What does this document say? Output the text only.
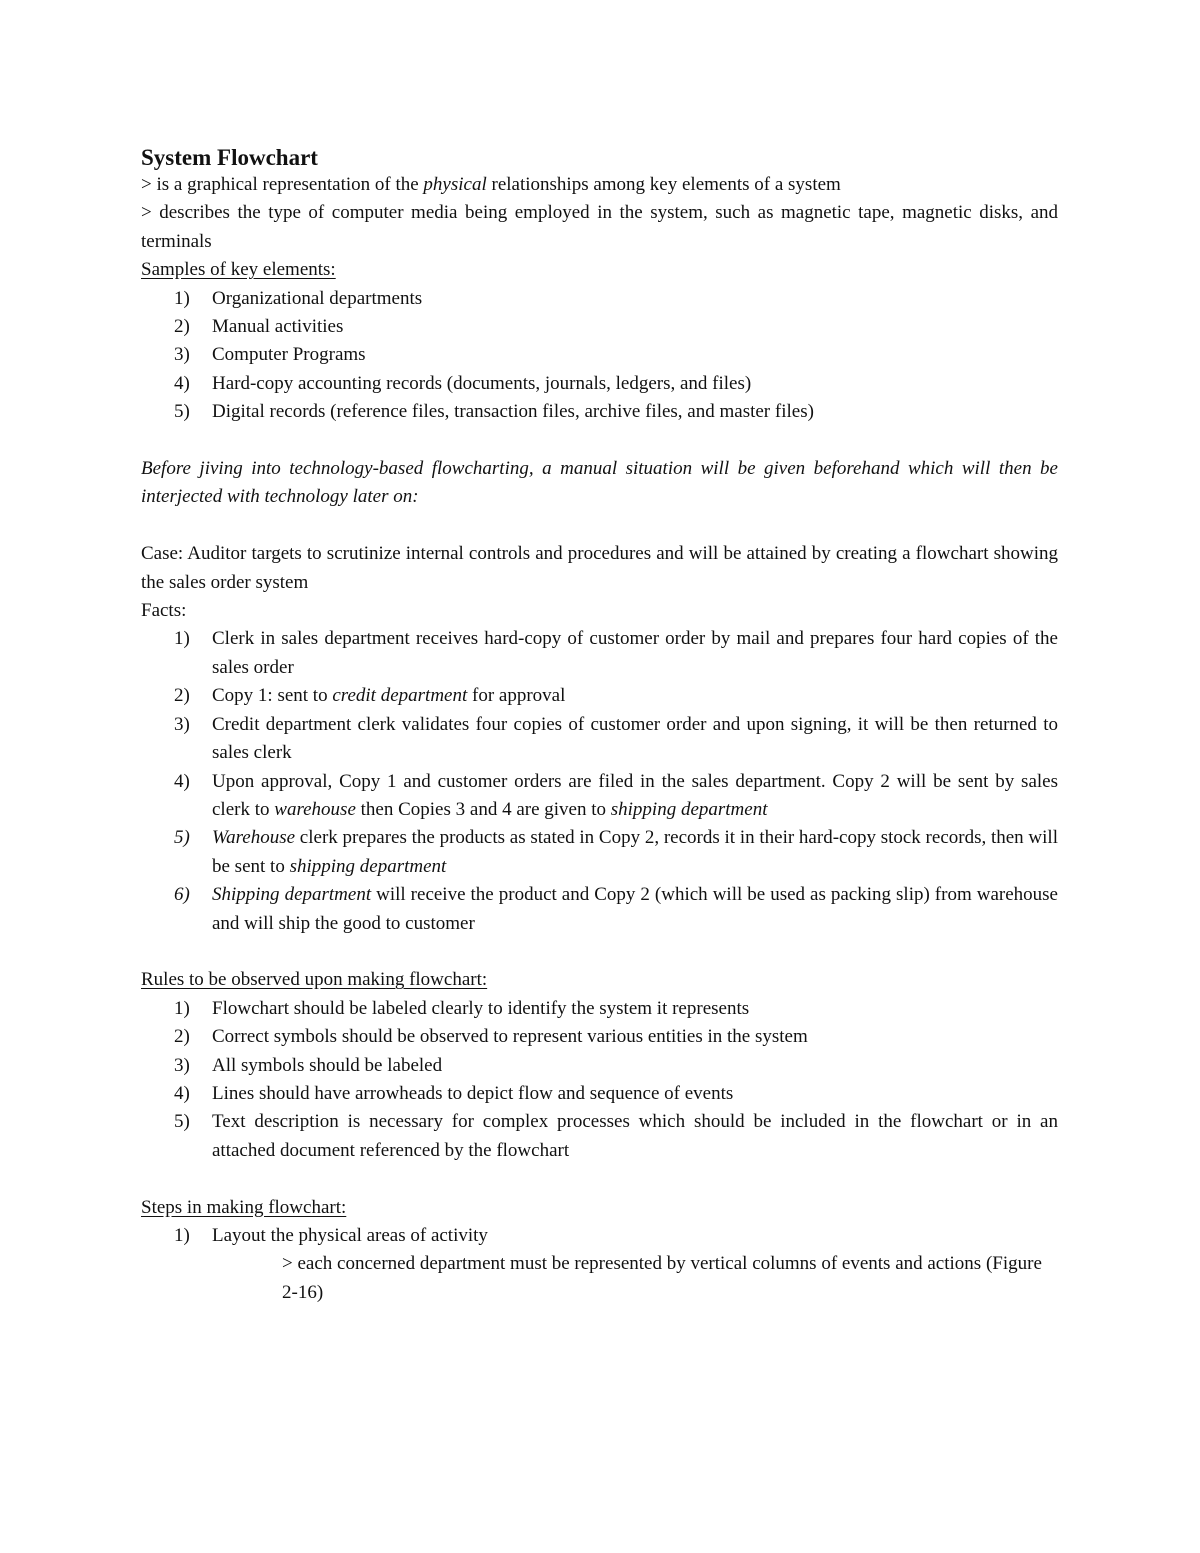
System Flowchart

> is a graphical representation of the physical relationships among key elements of a system

> describes the type of computer media being employed in the system, such as magnetic tape, magnetic disks, and terminals

Samples of key elements:

1) Organizational departments
2) Manual activities
3) Computer Programs
4) Hard-copy accounting records (documents, journals, ledgers, and files)
5) Digital records (reference files, transaction files, archive files, and master files)

Before jiving into technology-based flowcharting, a manual situation will be given beforehand which will then be interjected with technology later on:

Case: Auditor targets to scrutinize internal controls and procedures and will be attained by creating a flowchart showing the sales order system

Facts:

1) Clerk in sales department receives hard-copy of customer order by mail and prepares four hard copies of the sales order
2) Copy 1: sent to credit department for approval
3) Credit department clerk validates four copies of customer order and upon signing, it will be then returned to sales clerk
4) Upon approval, Copy 1 and customer orders are filed in the sales department. Copy 2 will be sent by sales clerk to warehouse then Copies 3 and 4 are given to shipping department
5) Warehouse clerk prepares the products as stated in Copy 2, records it in their hard-copy stock records, then will be sent to shipping department
6) Shipping department will receive the product and Copy 2 (which will be used as packing slip) from warehouse and will ship the good to customer

Rules to be observed upon making flowchart:

1) Flowchart should be labeled clearly to identify the system it represents
2) Correct symbols should be observed to represent various entities in the system
3) All symbols should be labeled
4) Lines should have arrowheads to depict flow and sequence of events
5) Text description is necessary for complex processes which should be included in the flowchart or in an attached document referenced by the flowchart

Steps in making flowchart:

1) Layout the physical areas of activity

> each concerned department must be represented by vertical columns of events and actions (Figure 2-16)
